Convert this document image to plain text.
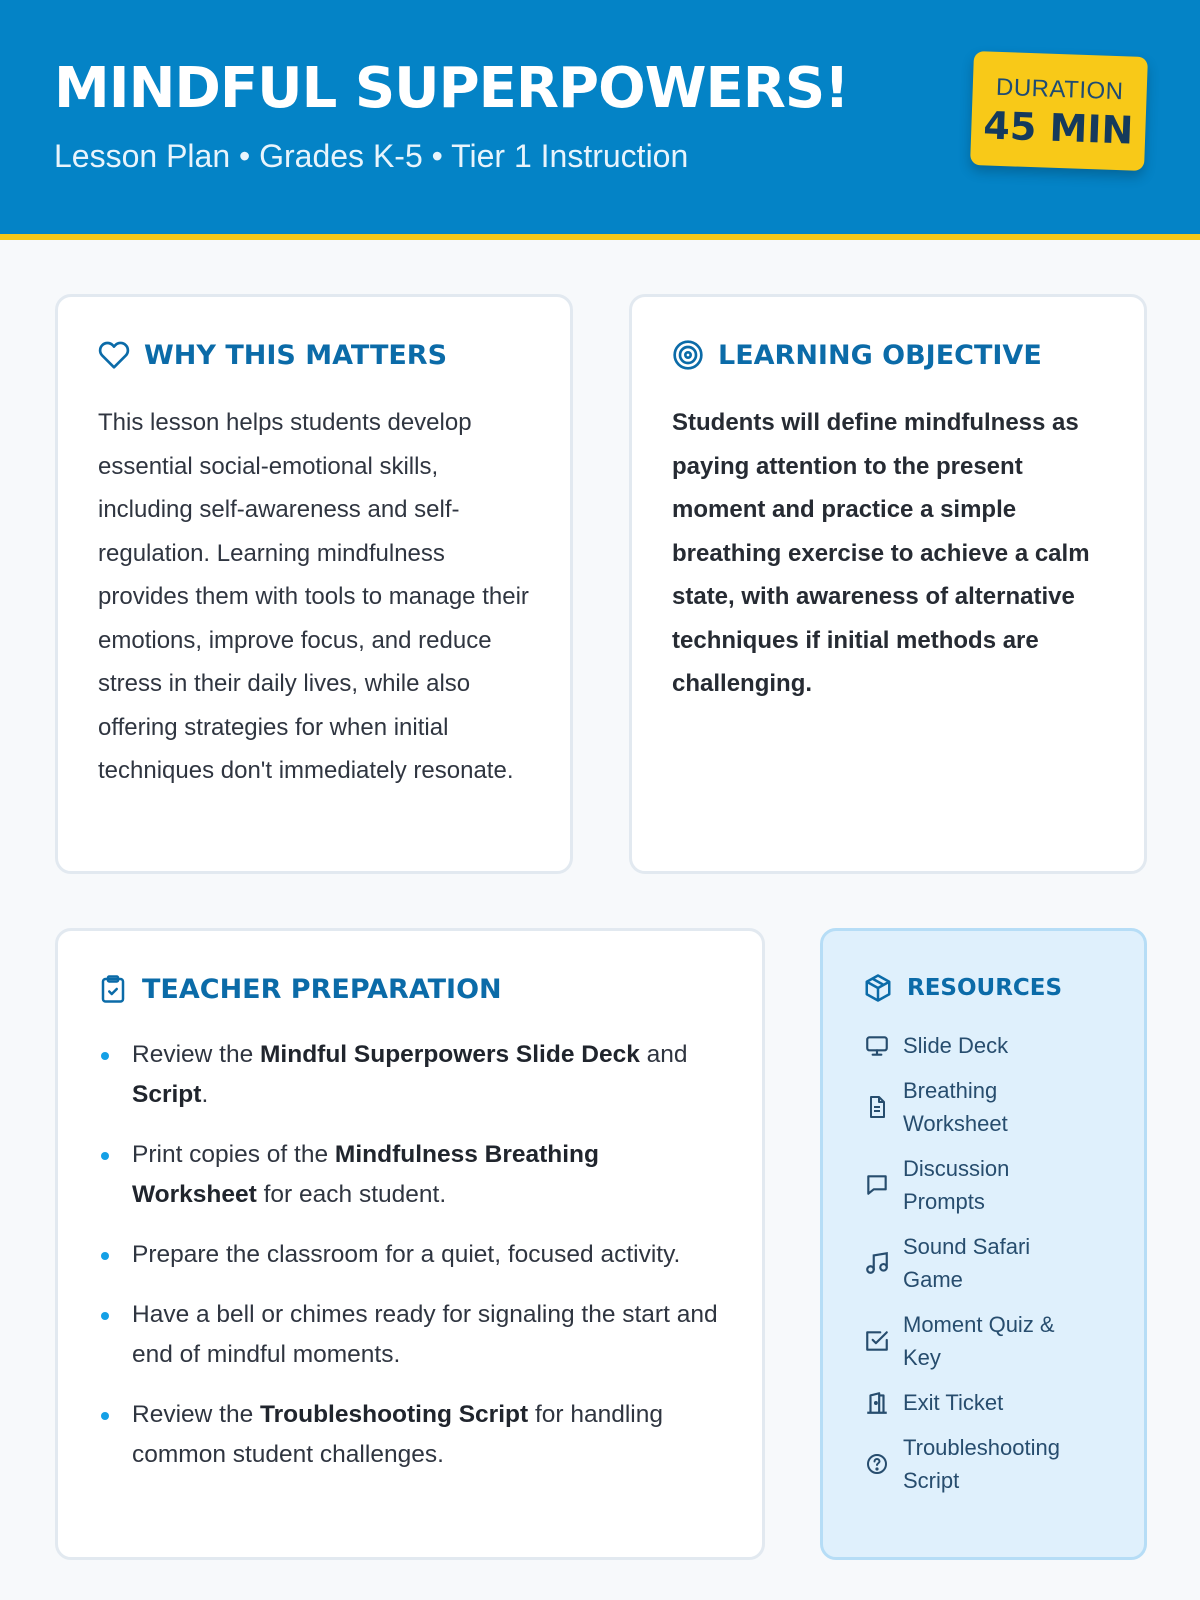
MINDFUL SUPERPOWERS!
Lesson Plan • Grades K-5 • Tier 1 Instruction
DURATION
45 MIN
WHY THIS MATTERS

This lesson helps students develop essential social-emotional skills, including self-awareness and self-regulation. Learning mindfulness provides them with tools to manage their emotions, improve focus, and reduce stress in their daily lives, while also offering strategies for when initial techniques don't immediately resonate.

LEARNING OBJECTIVE

Students will define mindfulness as paying attention to the present moment and practice a simple breathing exercise to achieve a calm state, with awareness of alternative techniques if initial methods are challenging.

TEACHER PREPARATION
Review the Mindful Superpowers Slide Deck and Script.
Print copies of the Mindfulness Breathing Worksheet for each student.
Prepare the classroom for a quiet, focused activity.
Have a bell or chimes ready for signaling the start and end of mindful moments.
Review the Troubleshooting Script for handling common student challenges.
RESOURCES
Slide Deck
Breathing Worksheet
Discussion Prompts
Sound Safari Game
Moment Quiz & Key
Exit Ticket
Troubleshooting Script
